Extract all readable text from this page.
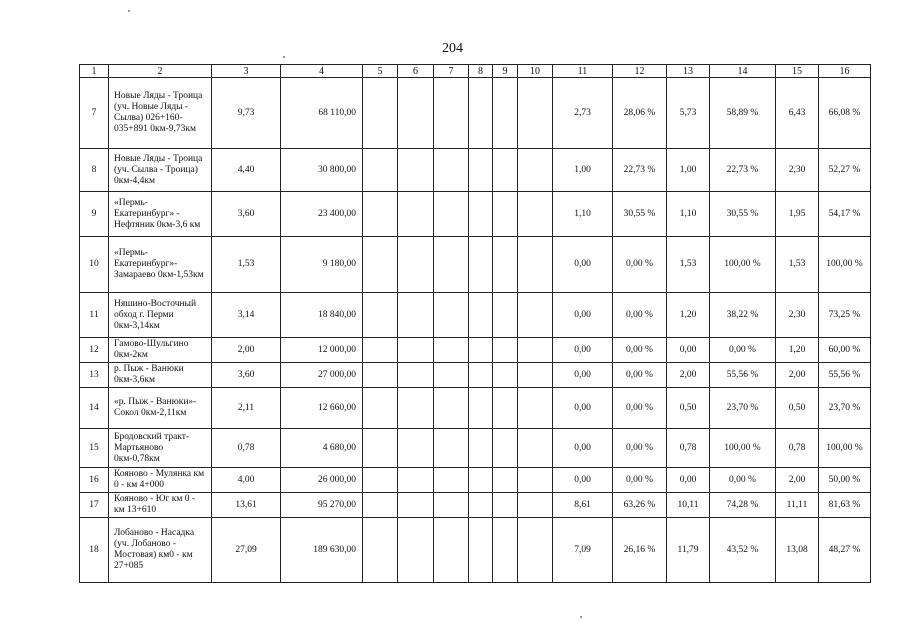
204
1	2	3	4	5	6	7	8	9	10	11	12	13	14	15	16
7	Новые Ляды - Троица (уч. Новые Ляды - Сылва) 026+160-035+891 0км-9,73км	9,73	68 110,00							2,73	28,06 %	5,73	58,89 %	6,43	66,08 %
8	Новые Ляды - Троица (уч. Сылва - Троица) 0км-4,4км	4,40	30 800,00							1,00	22,73 %	1,00	22,73 %	2,30	52,27 %
9	«Пермь-Екатеринбург» - Нефтяник 0км-3,6 км	3,60	23 400,00							1,10	30,55 %	1,10	30,55 %	1,95	54,17 %
10	«Пермь-Екатеринбург»-Замараево 0км-1,53км	1,53	9 180,00							0,00	0,00 %	1,53	100,00 %	1,53	100,00 %
11	Няшино-Восточный обход г. Перми 0км-3,14км	3,14	18 840,00							0,00	0,00 %	1,20	38,22 %	2,30	73,25 %
12	Гамово-Шульгино 0км-2км	2,00	12 000,00							0,00	0,00 %	0,00	0,00 %	1,20	60,00 %
13	р. Пыж - Ванюки 0км-3,6км	3,60	27 000,00							0,00	0,00 %	2,00	55,56 %	2,00	55,56 %
14	«р. Пыж - Ванюки»-Сокол 0км-2,11км	2,11	12 660,00							0,00	0,00 %	0,50	23,70 %	0,50	23,70 %
15	Бродовский тракт-Мартьяново 0км-0,78км	0,78	4 680,00							0,00	0,00 %	0,78	100,00 %	0,78	100,00 %
16	Кояново - Мулянка км 0 - км 4+000	4,00	26 000,00							0,00	0,00 %	0,00	0,00 %	2,00	50,00 %
17	Кояново - Юг км 0 - км 13+610	13,61	95 270,00							8,61	63,26 %	10,11	74,28 %	11,11	81,63 %
18	Лобаново - Насадка (уч. Лобаново - Мостовая) км0 - км 27+085	27,09	189 630,00							7,09	26,16 %	11,79	43,52 %	13,08	48,27 %
